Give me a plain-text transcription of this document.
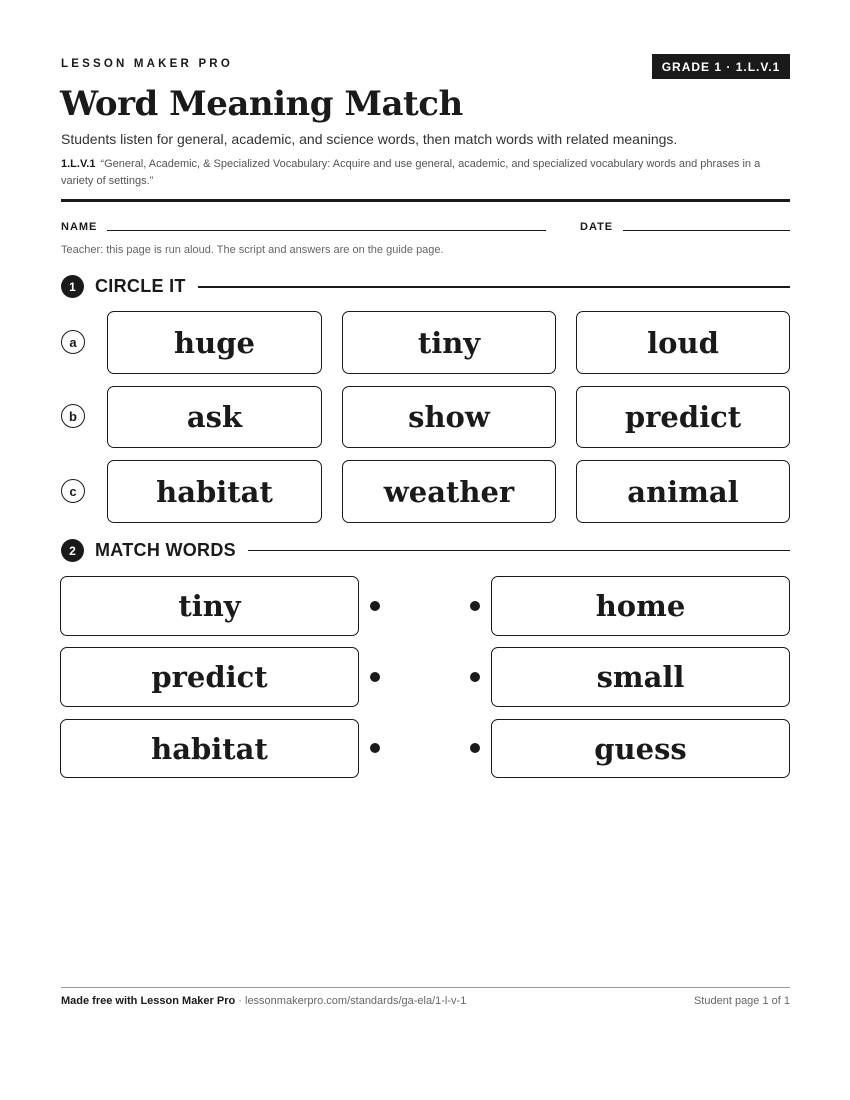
LESSON MAKER PRO	GRADE 1 · 1.L.V.1
Word Meaning Match
Students listen for general, academic, and science words, then match words with related meanings.
1.L.V.1 “General, Academic, & Specialized Vocabulary: Acquire and use general, academic, and specialized vocabulary words and phrases in a variety of settings.”
NAME	DATE
Teacher: this page is run aloud. The script and answers are on the guide page.
1	CIRCLE IT
a	huge	tiny	loud
b	ask	show	predict
c	habitat	weather	animal
2	MATCH WORDS
tiny	home
predict	small
habitat	guess
Made free with Lesson Maker Pro · lessonmakerpro.com/standards/ga-ela/1-l-v-1	Student page 1 of 1
